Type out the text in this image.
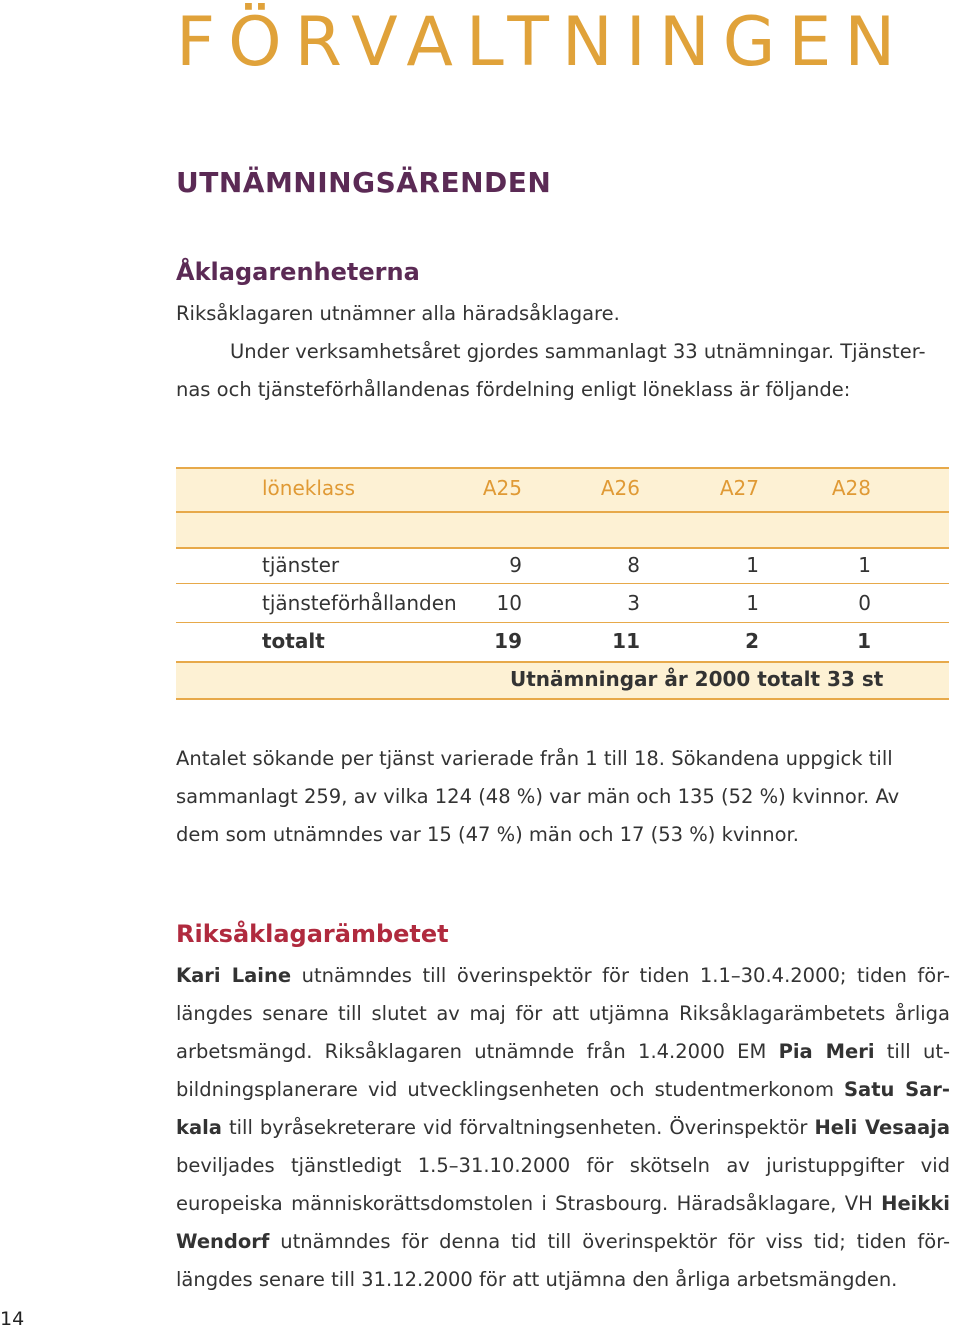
FÖRVALTNINGEN
UTNÄMNINGSÄRENDEN
Åklagarenheterna
Riksåklagaren utnämner alla häradsåklagare.
Under verksamhetsåret gjordes sammanlagt 33 utnämningar. Tjänster-
nas och tjänsteförhållandenas fördelning enligt löneklass är följande:
löneklass	A25	A26	A27	A28
tjänster	9	8	1	1
tjänsteförhållanden	10	3	1	0
totalt	19	11	2	1
Utnämningar år 2000 totalt 33 st
Antalet sökande per tjänst varierade från 1 till 18. Sökandena uppgick till
sammanlagt 259, av vilka 124 (48 %) var män och 135 (52 %) kvinnor. Av
dem som utnämndes var 15 (47 %) män och 17 (53 %) kvinnor.
Riksåklagarämbetet
Kari Laine utnämndes till överinspektör för tiden 1.1–30.4.2000; tiden för-
längdes senare till slutet av maj för att utjämna Riksåklagarämbetets årliga
arbetsmängd. Riksåklagaren utnämnde från 1.4.2000 EM Pia Meri till ut-
bildningsplanerare vid utvecklingsenheten och studentmerkonom Satu Sar-
kala till byråsekreterare vid förvaltningsenheten. Överinspektör Heli Vesaaja
beviljades tjänstledigt 1.5–31.10.2000 för skötseln av juristuppgifter vid
europeiska människorättsdomstolen i Strasbourg. Häradsåklagare, VH Heikki
Wendorf utnämndes för denna tid till överinspektör för viss tid; tiden för-
längdes senare till 31.12.2000 för att utjämna den årliga arbetsmängden.
14
